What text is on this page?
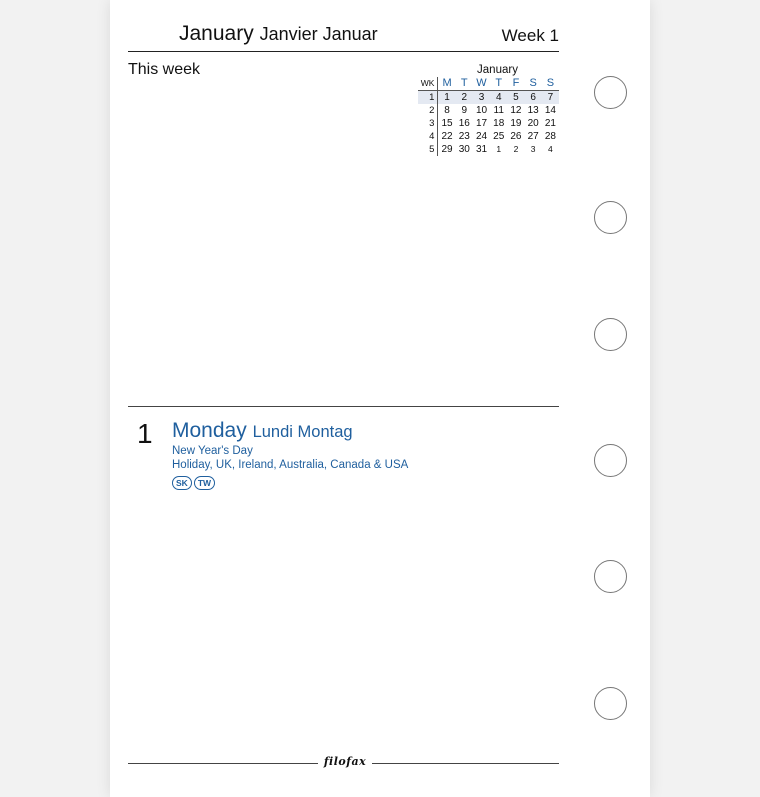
January Janvier Januar	Week 1
This week	January
WK M T W T F S S
1 1	2	3	4	5	6	7
2 8	9 10 11 12 13 14
3 15 16 17 18 19 20 21
4 22 23 24 25 26 27 28
5 29 30 31	1	2	3	4
1 Monday Lundi Montag
New Year's Day
Holiday, UK, Ireland, Australia, Canada & USA
SK	TW
filofax
